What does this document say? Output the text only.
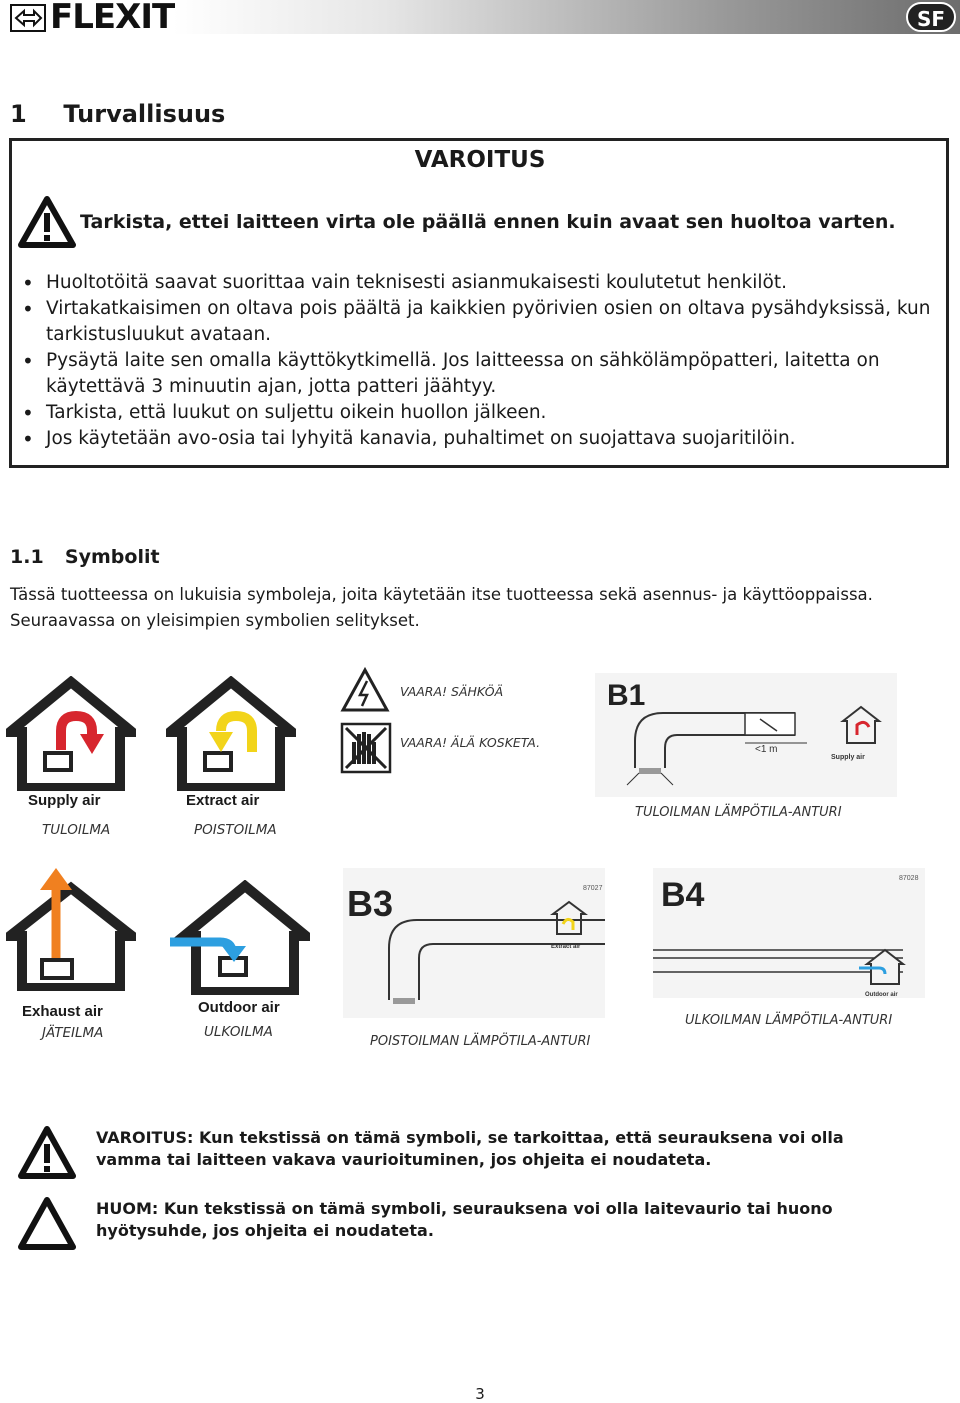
FLEXIT	SF
1 Turvallisuus
VAROITUS
Tarkista, ettei laitteen virta ole päällä ennen kuin avaat sen huoltoa varten.
• Huoltotöitä saavat suorittaa vain teknisesti asianmukaisesti koulutetut henkilöt.
• Virtakatkaisimen on oltava pois päältä ja kaikkien pyörivien osien on oltava pysähdyksissä, kun tarkistusluukut avataan.
• Pysäytä laite sen omalla käyttökytkimellä. Jos laitteessa on sähkölämpöpatteri, laitetta on käytettävä 3 minuutin ajan, jotta patteri jäähtyy.
• Tarkista, että luukut on suljettu oikein huollon jälkeen.
• Jos käytetään avo-osia tai lyhyitä kanavia, puhaltimet on suojattava suojaritilöin.
1.1 Symbolit
Tässä tuotteessa on lukuisia symboleja, joita käytetään itse tuotteessa sekä asennus- ja käyttöoppaissa. Seuraavassa on yleisimpien symbolien selitykset.
Supply air
TULOILMA
Extract air
POISTOILMA
VAARA! SÄHKÖÄ
VAARA! ÄLÄ KOSKETA.
B1
<1 m
Supply air
TULOILMAN LÄMPÖTILA-ANTURI
Exhaust air
JÄTEILMA
Outdoor air
ULKOILMA
B3	87027
Extract air
POISTOILMAN LÄMPÖTILA-ANTURI
B4	87028
Outdoor air
ULKOILMAN LÄMPÖTILA-ANTURI
VAROITUS: Kun tekstissä on tämä symboli, se tarkoittaa, että seurauksena voi olla vamma tai laitteen vakava vaurioituminen, jos ohjeita ei noudateta.
HUOM: Kun tekstissä on tämä symboli, seurauksena voi olla laitevaurio tai huono hyötysuhde, jos ohjeita ei noudateta.
3
